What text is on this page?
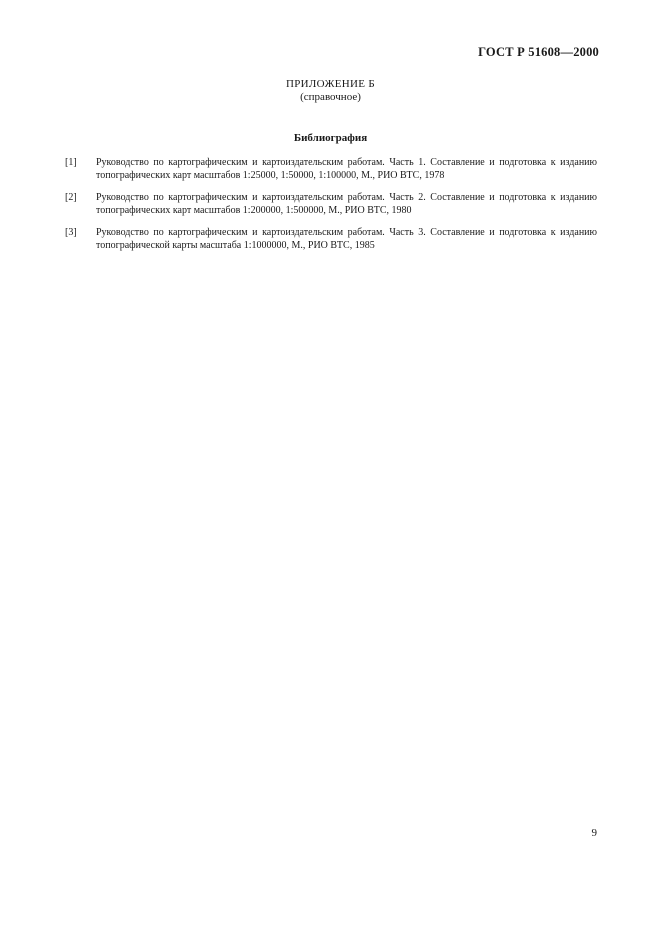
ГОСТ Р 51608—2000
ПРИЛОЖЕНИЕ Б
(справочное)
Библиография
[1]	Руководство по картографическим и картоиздательским работам. Часть 1. Составление и подготовка к изданию топографических карт масштабов 1:25000, 1:50000, 1:100000, М., РИО ВТС, 1978
[2]	Руководство по картографическим и картоиздательским работам. Часть 2. Составление и подготовка к изданию топографических карт масштабов 1:200000, 1:500000, М., РИО ВТС, 1980
[3]	Руководство по картографическим и картоиздательским работам. Часть 3. Составление и подготовка к изданию топографической карты масштаба 1:1000000, М., РИО ВТС, 1985
9
